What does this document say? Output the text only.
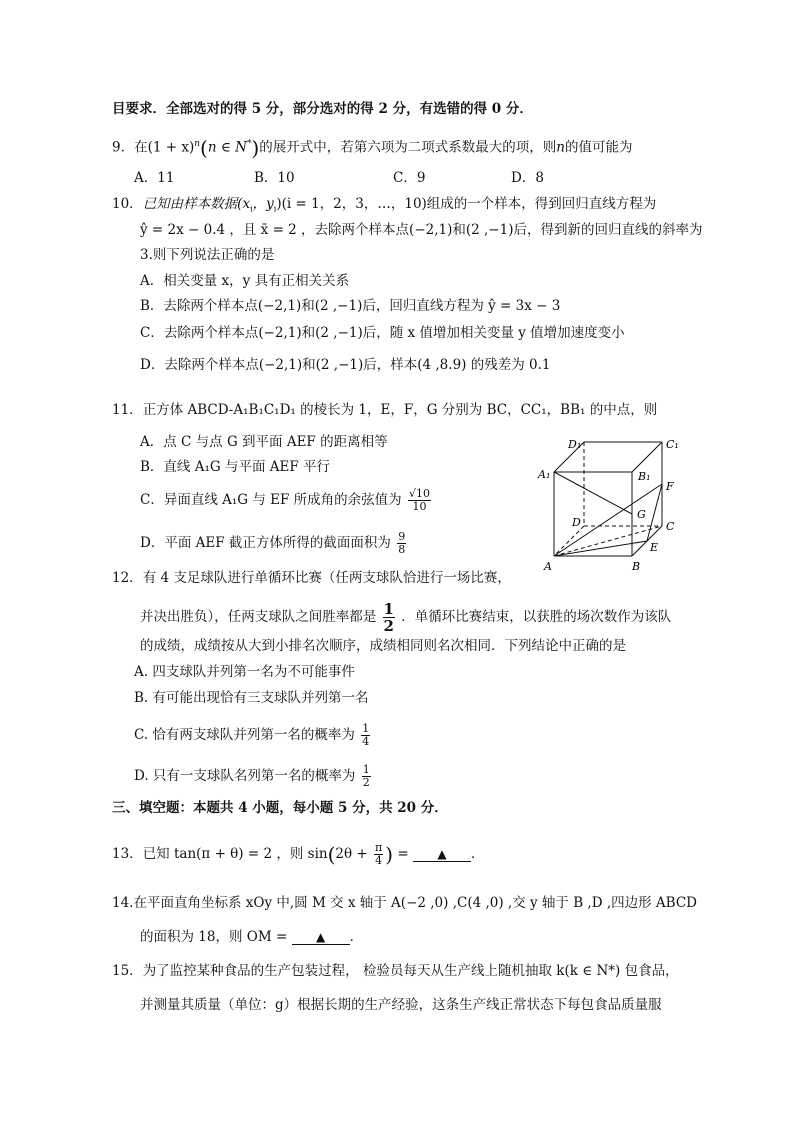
目要求．全部选对的得 5 分，部分选对的得 2 分，有选错的得 0 分．
9．在$(1 + x)^n(n$ ∈ N*)的展开式中，若第六项为二项式系数最大的项，则n的值可能为
A．11	B．10	C．9	D．8
10．已知由样本数据($x_i$，$y_i)(i = 1$，2，3，…，10)组成的一个样本，得到回归直线方程为
ŷ = 2x − 0.4 ，且 x̄ = 2 ，去除两个样本点(−2,1)和(2 ,−1)后，得到新的回归直线的斜率为
3.则下列说法正确的是
A．相关变量 x，y 具有正相关关系
B．去除两个样本点(−2,1)和(2 ,−1)后，回归直线方程为 ŷ = 3x − 3
C．去除两个样本点(−2,1)和(2 ,−1)后，随 x 值增加相关变量 y 值增加速度变小
D．去除两个样本点(−2,1)和(2 ,−1)后，样本(4 ,8.9) 的残差为 0.1
11．正方体 ABCD-A₁B₁C₁D₁ 的棱长为 1，E，F，G 分别为 BC，CC₁，BB₁ 的中点，则
A．点 C 与点 G 到平面 AEF 的距离相等
B．直线 A₁G 与平面 AEF 平行
C．异面直线 A₁G 与 EF 所成角的余弦值为 $\frac{√10}{10}$
D．平面 AEF 截正方体所得的截面面积为 $\frac{9}{8}$
D₁	C₁
A₁	B₁
F
D
G
C
A	B
E
12．有 4 支足球队进行单循环比赛（任两支球队恰进行一场比赛，
并决出胜负），任两支球队之间胜率都是 $\frac{1}{2}$ ．单循环比赛结束，以获胜的场次数作为该队
的成绩，成绩按从大到小排名次顺序，成绩相同则名次相同．下列结论中正确的是
A. 四支球队并列第一名为不可能事件
B. 有可能出现恰有三支球队并列第一名
C. 恰有两支球队并列第一名的概率为 $\frac{1}{4}$
D. 只有一支球队名列第一名的概率为 $\frac{1}{2}$
三、填空题：本题共 4 小题，每小题 5 分，共 20 分．
13．已知 tan(π + θ) = 2 ，则 $\sin(2\theta + \frac{\pi}{4}$ ) = ▲ ．
14.在平面直角坐标系 xOy 中,圆 M 交 x 轴于 A(−2 ,0) ,C(4 ,0) ,交 y 轴于 B ,D ,四边形 ABCD
的面积为 18，则 OM = ▲ ．
15．为了监控某种食品的生产包装过程， 检验员每天从生产线上随机抽取 k(k ∈ N*) 包食品，
并测量其质量（单位：g）根据长期的生产经验，这条生产线正常状态下每包食品质量服
